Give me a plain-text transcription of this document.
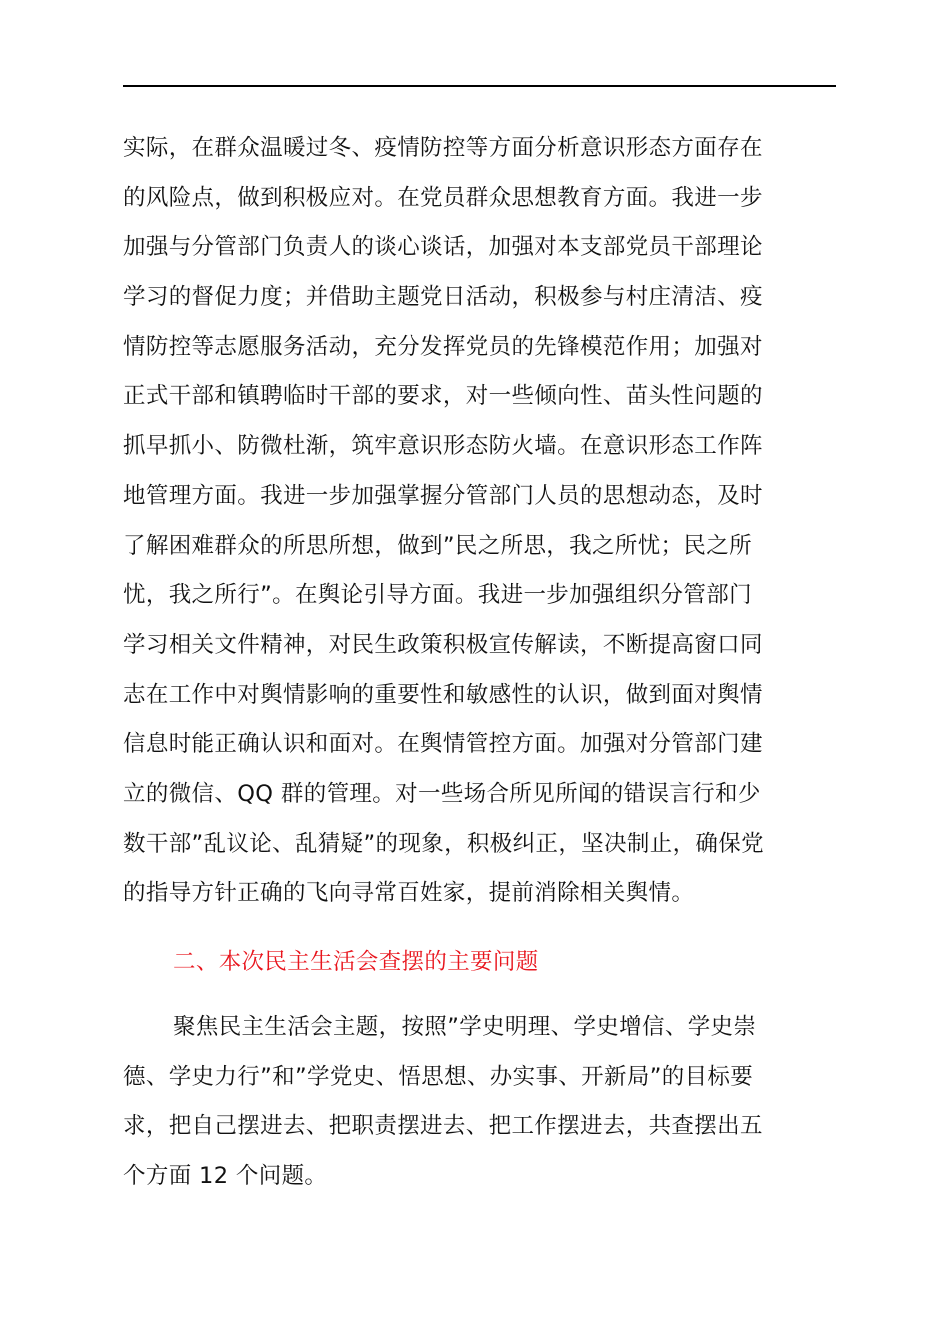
实际，在群众温暖过冬、疫情防控等方面分析意识形态方面存在
的风险点，做到积极应对。在党员群众思想教育方面。我进一步
加强与分管部门负责人的谈心谈话，加强对本支部党员干部理论
学习的督促力度；并借助主题党日活动，积极参与村庄清洁、疫
情防控等志愿服务活动，充分发挥党员的先锋模范作用；加强对
正式干部和镇聘临时干部的要求，对一些倾向性、苗头性问题的
抓早抓小、防微杜渐，筑牢意识形态防火墙。在意识形态工作阵
地管理方面。我进一步加强掌握分管部门人员的思想动态，及时
了解困难群众的所思所想，做到”民之所思，我之所忧；民之所
忧，我之所行”。在舆论引导方面。我进一步加强组织分管部门
学习相关文件精神，对民生政策积极宣传解读，不断提高窗口同
志在工作中对舆情影响的重要性和敏感性的认识，做到面对舆情
信息时能正确认识和面对。在舆情管控方面。加强对分管部门建
立的微信、QQ 群的管理。对一些场合所见所闻的错误言行和少
数干部”乱议论、乱猜疑”的现象，积极纠正，坚决制止，确保党
的指导方针正确的飞向寻常百姓家，提前消除相关舆情。
二、本次民主生活会查摆的主要问题
聚焦民主生活会主题，按照”学史明理、学史增信、学史崇
德、学史力行”和”学党史、悟思想、办实事、开新局”的目标要
求，把自己摆进去、把职责摆进去、把工作摆进去，共查摆出五
个方面 12 个问题。
